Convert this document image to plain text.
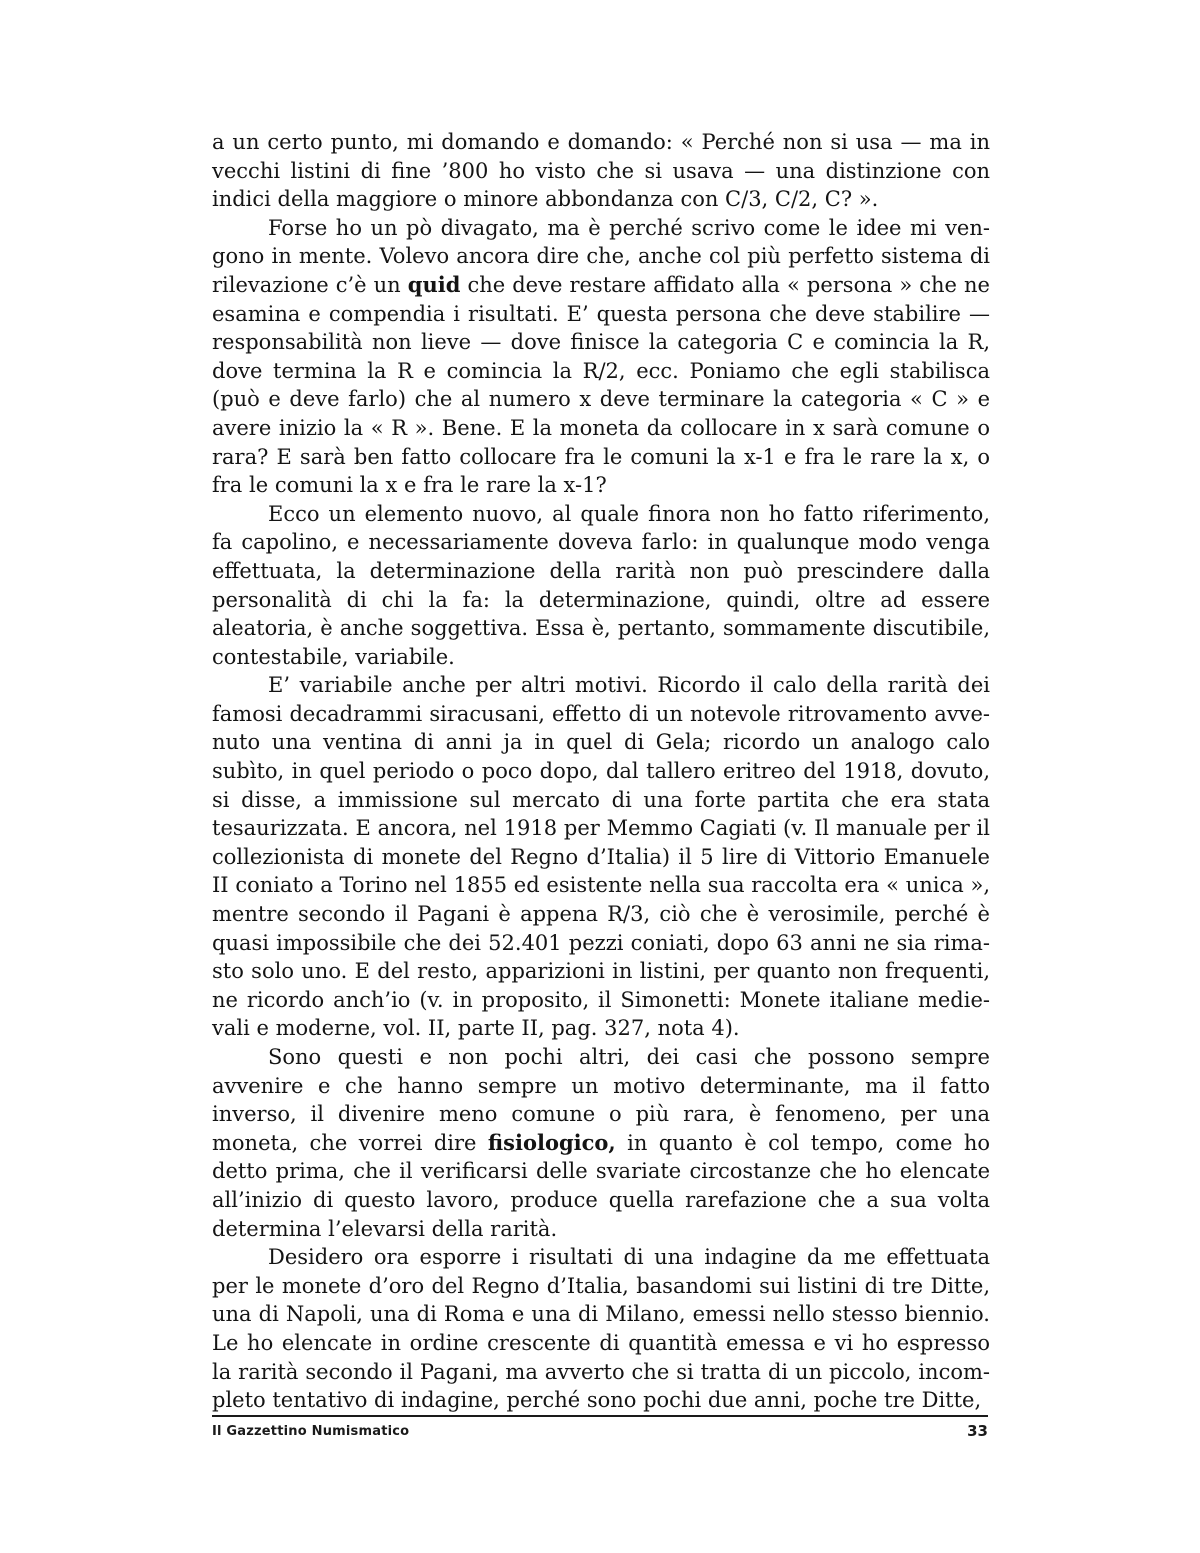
a un certo punto, mi domando e domando: « Perché non si usa — ma in vecchi listini di fine ’800 ho visto che si usava — una distinzione con indici della maggiore o minore abbondanza con C/3, C/2, C? ».

Forse ho un pò divagato, ma è perché scrivo come le idee mi vengono in mente. Volevo ancora dire che, anche col più perfetto sistema di rilevazione c’è un quid che deve restare affidato alla « persona » che ne esamina e compendia i risultati. E’ questa persona che deve stabilire — responsabilità non lieve — dove finisce la categoria C e comincia la R, dove termina la R e comincia la R/2, ecc. Poniamo che egli stabilisca (può e deve farlo) che al numero x deve terminare la categoria « C » e avere inizio la « R ». Bene. E la moneta da collocare in x sarà comune o rara? E sarà ben fatto collocare fra le comuni la x-1 e fra le rare la x, o fra le comuni la x e fra le rare la x-1?

Ecco un elemento nuovo, al quale finora non ho fatto riferimento, fa capolino, e necessariamente doveva farlo: in qualunque modo venga effettuata, la determinazione della rarità non può prescindere dalla personalità di chi la fa: la determinazione, quindi, oltre ad essere aleatoria, è anche soggettiva. Essa è, pertanto, sommamente discutibile, contestabile, variabile.

E’ variabile anche per altri motivi. Ricordo il calo della rarità dei famosi decadrammi siracusani, effetto di un notevole ritrovamento avvenuto una ventina di anni ja in quel di Gela; ricordo un analogo calo subìto, in quel periodo o poco dopo, dal tallero eritreo del 1918, dovuto, si disse, a immissione sul mercato di una forte partita che era stata tesaurizzata. E ancora, nel 1918 per Memmo Cagiati (v. Il manuale per il collezionista di monete del Regno d’Italia) il 5 lire di Vittorio Emanuele II coniato a Torino nel 1855 ed esistente nella sua raccolta era « unica », mentre secondo il Pagani è appena R/3, ciò che è verosimile, perché è quasi impossibile che dei 52.401 pezzi coniati, dopo 63 anni ne sia rimasto solo uno. E del resto, apparizioni in listini, per quanto non frequenti, ne ricordo anch’io (v. in proposito, il Simonetti: Monete italiane medievali e moderne, vol. II, parte II, pag. 327, nota 4).

Sono questi e non pochi altri, dei casi che possono sempre avvenire e che hanno sempre un motivo determinante, ma il fatto inverso, il divenire meno comune o più rara, è fenomeno, per una moneta, che vorrei dire fisiologico, in quanto è col tempo, come ho detto prima, che il verificarsi delle svariate circostanze che ho elencate all’inizio di questo lavoro, produce quella rarefazione che a sua volta determina l’elevarsi della rarità.

Desidero ora esporre i risultati di una indagine da me effettuata per le monete d’oro del Regno d’Italia, basandomi sui listini di tre Ditte, una di Napoli, una di Roma e una di Milano, emessi nello stesso biennio. Le ho elencate in ordine crescente di quantità emessa e vi ho espresso la rarità secondo il Pagani, ma avverto che si tratta di un piccolo, incompleto tentativo di indagine, perché sono pochi due anni, poche tre Ditte,

Il Gazzettino Numismatico	33
